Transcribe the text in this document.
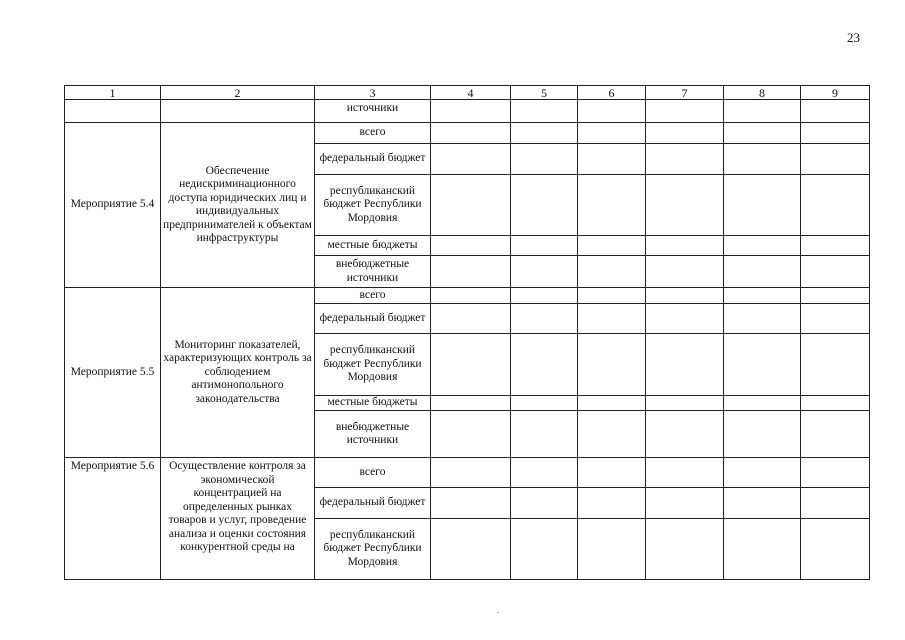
23
1	2	3	4	5	6	7	8	9
		источники						
Мероприятие 5.4	Обеспечение недискриминационного доступа юридических лиц и индивидуальных предпринимателей к объектам инфраструктуры	всего						
		федеральный бюджет						
		республиканский бюджет Республики Мордовия						
		местные бюджеты						
		внебюджетные источники						
Мероприятие 5.5	Мониторинг показателей, характеризующих контроль за соблюдением антимонопольного законодательства	всего						
		федеральный бюджет						
		республиканский бюджет Республики Мордовия						
		местные бюджеты						
		внебюджетные источники						
Мероприятие 5.6	Осуществление контроля за экономической концентрацией на определенных рынках товаров и услуг, проведение анализа и оценки состояния конкурентной среды на	всего						
		федеральный бюджет						
		республиканский бюджет Республики Мордовия						
